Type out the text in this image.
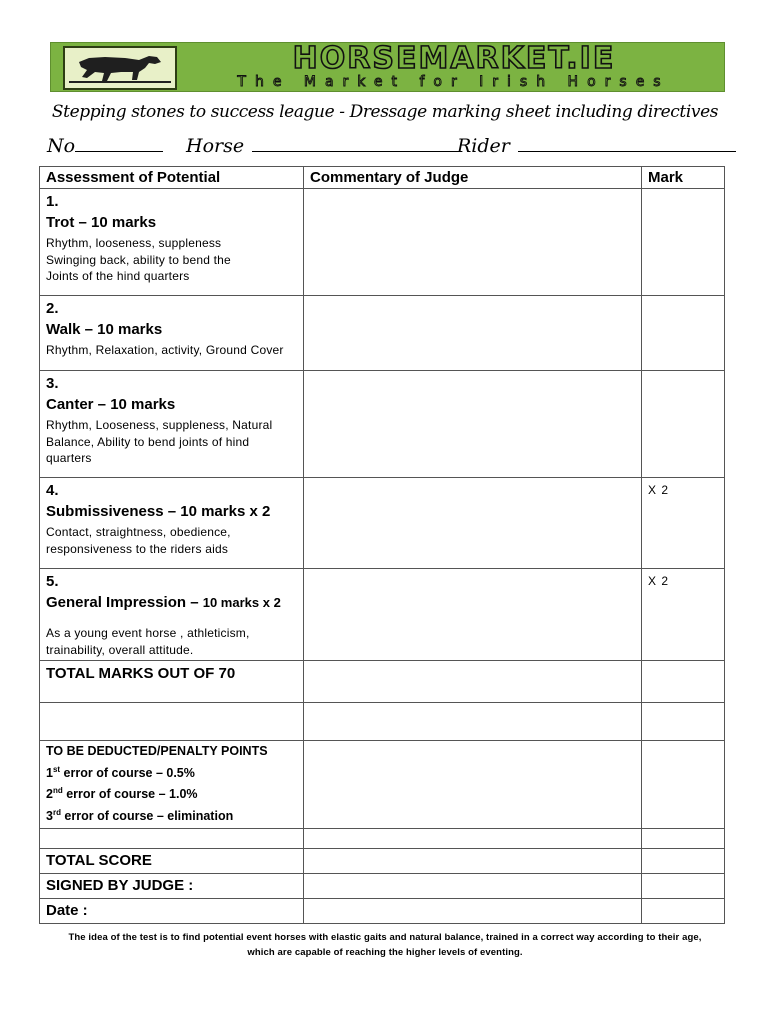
HORSEMARKET.IE
The Market for Irish Horses
Stepping stones to success league - Dressage marking sheet including directives
No	Horse	Rider
Assessment of Potential	Commentary of Judge	Mark

1.
Trot – 10 marks
Rhythm, looseness, suppleness
Swinging back, ability to bend the
Joints of the hind quarters		

2.
Walk – 10 marks
Rhythm, Relaxation, activity, Ground Cover		

3.
Canter – 10 marks
Rhythm, Looseness, suppleness, Natural
Balance, Ability to bend joints of hind
quarters		

4.
Submissiveness – 10 marks x 2
Contact, straightness, obedience,
responsiveness to the riders aids		X 2

5.
General Impression – 10 marks x 2
As a young event horse , athleticism,
trainability, overall attitude.		X 2

TOTAL MARKS OUT OF 70		

TO BE DEDUCTED/PENALTY POINTS
1st error of course – 0.5%
2nd error of course – 1.0%
3rd error of course – elimination		

TOTAL SCORE		
SIGNED BY JUDGE :		
Date :		
The idea of the test is to find potential event horses with elastic gaits and natural balance, trained in a correct way according to their age,
which are capable of reaching the higher levels of eventing.
